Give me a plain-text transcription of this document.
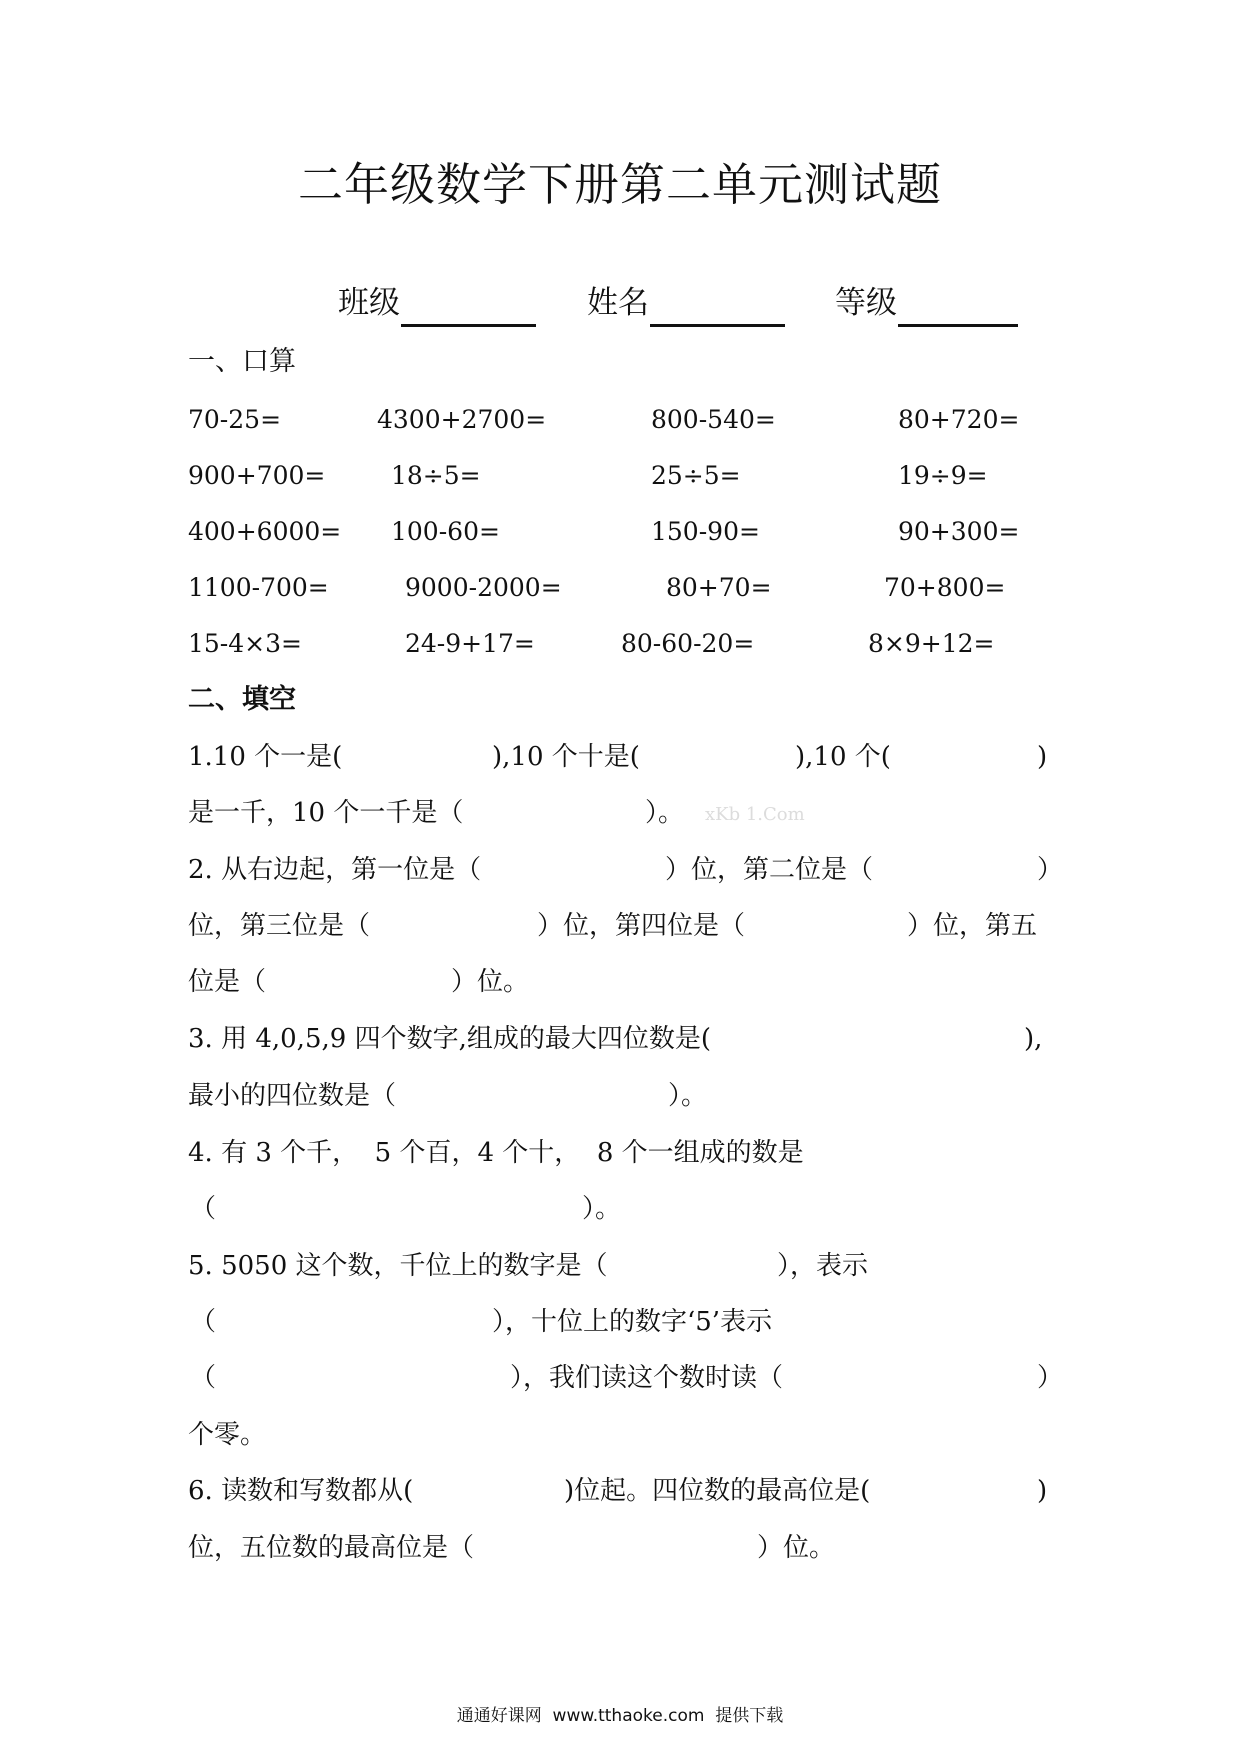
二年级数学下册第二单元测试题
班级	姓名	等级
一、口算
70-25=	4300+2700=	800-540=	80+720=
900+700=	18÷5=	25÷5=	19÷9=
400+6000= 100-60=	150-90=	90+300=
1100-700=	9000-2000=	80+70=	70+800=
15-4×3=	24-9+17=	80-60-20=	8×9+12=
二、填空
1.10 个一是(	),10 个十是(	),10 个(	)
是一千，10 个一千是（	）。 xKb 1.Com
2. 从右边起，第一位是（	）位，第二位是（	）
位，第三位是（	）位，第四位是（	）位，第五
位是（	）位。
3. 用 4,0,5,9 四个数字,组成的最大四位数是(	),
最小的四位数是（	）。
4. 有 3 个千，  5 个百，4 个十，  8 个一组成的数是
（	）。
5. 5050 这个数，千位上的数字是（	），表示
（	），十位上的数字‘5’表示
（	），我们读这个数时读（	）
个零。
6. 读数和写数都从(	)位起。四位数的最高位是(	)
位，五位数的最高位是（	）位。
通通好课网  www.tthaoke.com  提供下载
